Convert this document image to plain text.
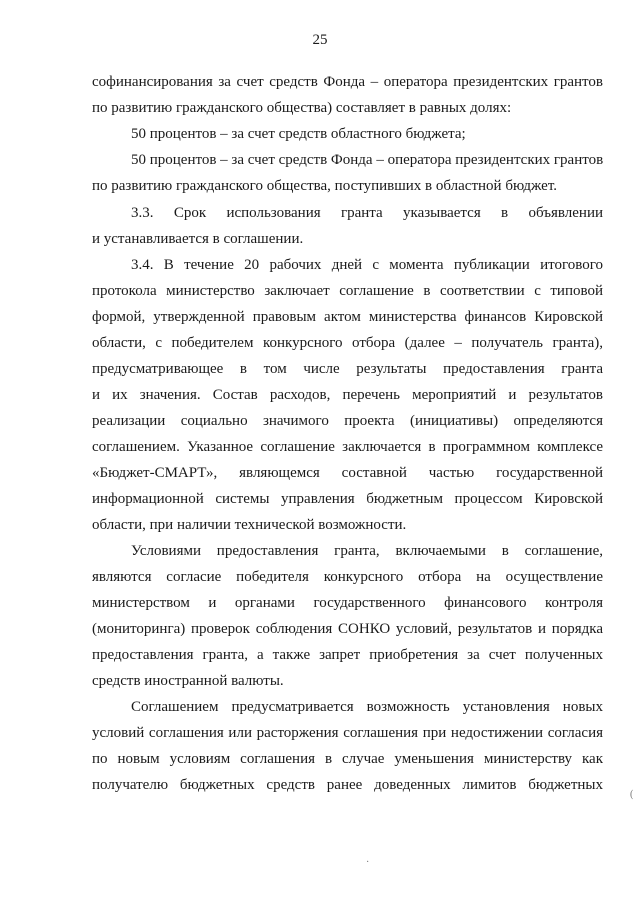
25
софинансирования за счет средств Фонда – оператора президентских грантов
по развитию гражданского общества) составляет в равных долях:
50 процентов – за счет средств областного бюджета;
50 процентов – за счет средств Фонда – оператора президентских грантов
по развитию гражданского общества, поступивших в областной бюджет.
3.3. Срок использования гранта указывается в объявлении
и устанавливается в соглашении.
3.4. В течение 20 рабочих дней с момента публикации итогового
протокола министерство заключает соглашение в соответствии с типовой
формой, утвержденной правовым актом министерства финансов Кировской
области, с победителем конкурсного отбора (далее – получатель гранта),
предусматривающее в том числе результаты предоставления гранта
и их значения. Состав расходов, перечень мероприятий и результатов
реализации социально значимого проекта (инициативы) определяются
соглашением. Указанное соглашение заключается в программном комплексе
«Бюджет-СМАРТ», являющемся составной частью государственной
информационной системы управления бюджетным процессом Кировской
области, при наличии технической возможности.
Условиями предоставления гранта, включаемыми в соглашение,
являются согласие победителя конкурсного отбора на осуществление
министерством и органами государственного финансового контроля
(мониторинга) проверок соблюдения СОНКО условий, результатов и порядка
предоставления гранта, а также запрет приобретения за счет полученных
средств иностранной валюты.
Соглашением предусматривается возможность установления новых
условий соглашения или расторжения соглашения при недостижении согласия
по новым условиям соглашения в случае уменьшения министерству как
получателю бюджетных средств ранее доведенных лимитов бюджетных
(
·
